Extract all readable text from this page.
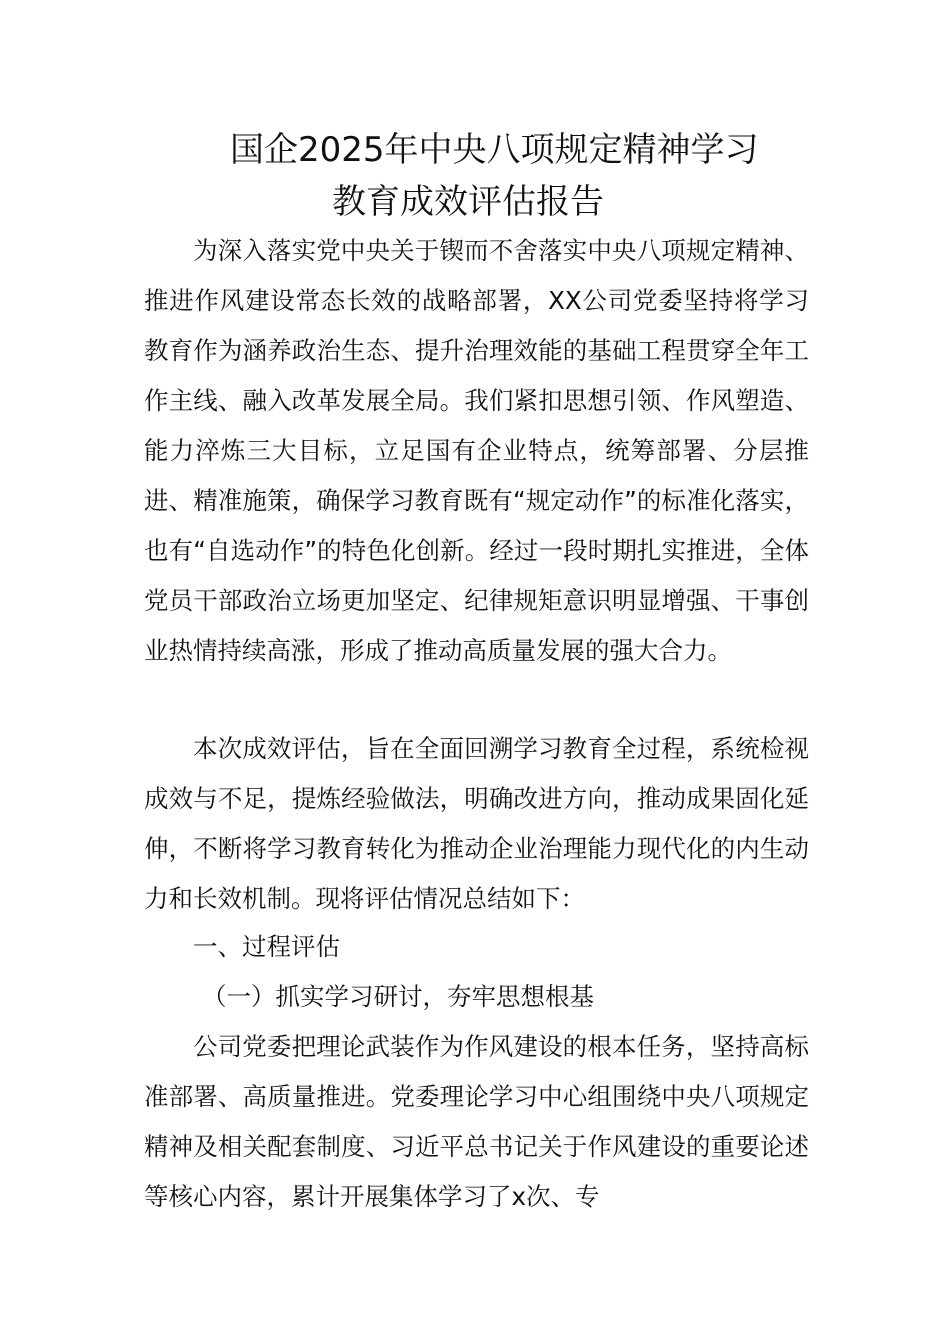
国企2025年中央八项规定精神学习
教育成效评估报告
为深入落实党中央关于锲而不舍落实中央八项规定精神、推进作风建设常态长效的战略部署，XX公司党委坚持将学习教育作为涵养政治生态、提升治理效能的基础工程贯穿全年工作主线、融入改革发展全局。我们紧扣思想引领、作风塑造、能力淬炼三大目标，立足国有企业特点，统筹部署、分层推进、精准施策，确保学习教育既有“规定动作”的标准化落实，也有“自选动作”的特色化创新。经过一段时期扎实推进，全体党员干部政治立场更加坚定、纪律规矩意识明显增强、干事创业热情持续高涨，形成了推动高质量发展的强大合力。
本次成效评估，旨在全面回溯学习教育全过程，系统检视成效与不足，提炼经验做法，明确改进方向，推动成果固化延伸，不断将学习教育转化为推动企业治理能力现代化的内生动力和长效机制。现将评估情况总结如下：
一、过程评估
（一）抓实学习研讨，夯牢思想根基
公司党委把理论武装作为作风建设的根本任务，坚持高标准部署、高质量推进。党委理论学习中心组围绕中央八项规定精神及相关配套制度、习近平总书记关于作风建设的重要论述等核心内容，累计开展集体学习了x次、专
